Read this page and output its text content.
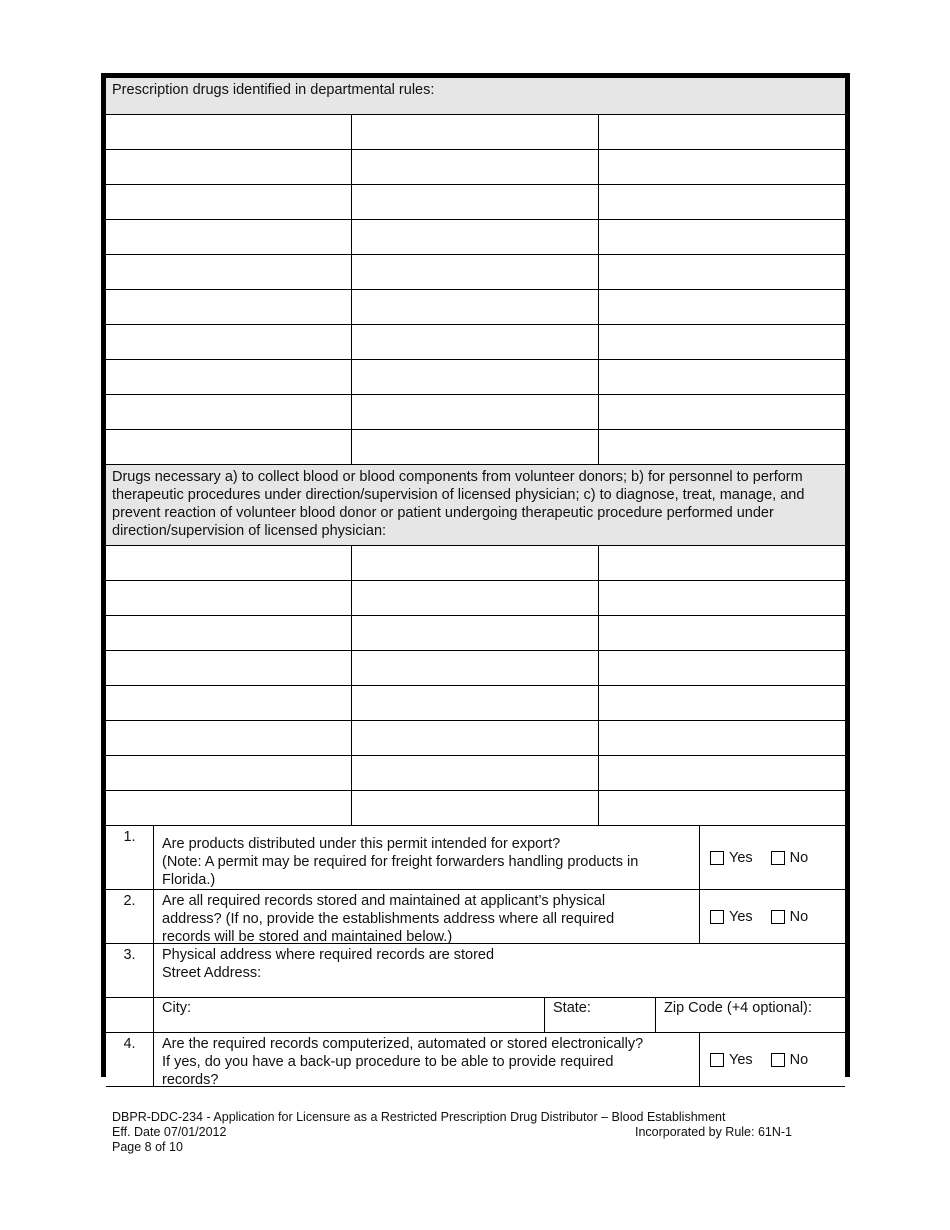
Prescription drugs identified in departmental rules:
Drugs necessary a) to collect blood or blood components from volunteer donors; b) for personnel to perform therapeutic procedures under direction/supervision of licensed physician; c) to diagnose, treat, manage, and prevent reaction of volunteer blood donor or patient undergoing therapeutic procedure performed under direction/supervision of licensed physician:
1.	Are products distributed under this permit intended for export?
(Note: A permit may be required for freight forwarders handling products in
Florida.)
Yes	No
2.	Are all required records stored and maintained at applicant’s physical
address? (If no, provide the establishments address where all required
records will be stored and maintained below.)
Yes	No
3.	Physical address where required records are stored
Street Address:
City:	State:	Zip Code (+4 optional):
4.	Are the required records computerized, automated or stored electronically?
If yes, do you have a back-up procedure to be able to provide required
records?
Yes	No
DBPR-DDC-234 - Application for Licensure as a Restricted Prescription Drug Distributor – Blood Establishment
Eff. Date 07/01/2012	Incorporated by Rule: 61N-1
Page 8 of 10
